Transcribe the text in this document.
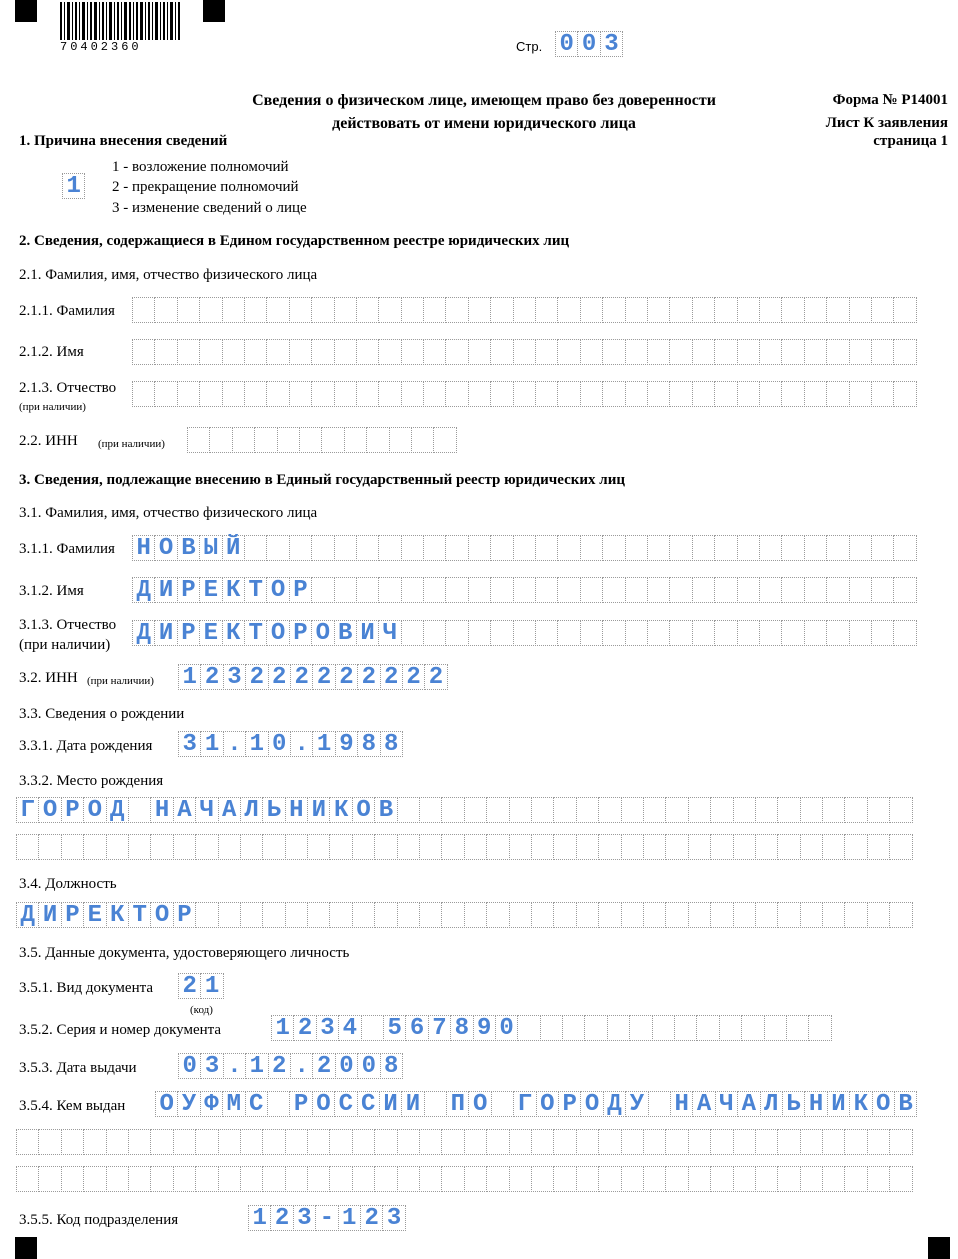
70402360	Стр. 0 0 3
Сведения о физическом лице, имеющем право без доверенности
действовать от имени юридического лица
Форма № Р14001
Лист К заявления
страница 1
1. Причина внесения сведений
1
1 - возложение полномочий
2 - прекращение полномочий
3 - изменение сведений о лице
2. Сведения, содержащиеся в Едином государственном реестре юридических лиц
2.1. Фамилия, имя, отчество физического лица
2.1.1. Фамилия
2.1.2. Имя
2.1.3. Отчество
(при наличии)
2.2. ИНН (при наличии)
3. Сведения, подлежащие внесению в Единый государственный реестр юридических лиц
3.1. Фамилия, имя, отчество физического лица
3.1.1. Фамилия Н О В Ы Й
3.1.2. Имя Д И Р Е К Т О Р
3.1.3. Отчество
(при наличии) Д И Р Е К Т О Р О В И Ч
3.2. ИНН (при наличии) 1 2 3 2 2 2 2 2 2 2 2 2
3.3. Сведения о рождении
3.3.1. Дата рождения 3 1 . 1 0 . 1 9 8 8
3.3.2. Место рождения
Г О Р О Д Н А Ч А Л Ь Н И К О В
3.4. Должность
Д И Р Е К Т О Р
3.5. Данные документа, удостоверяющего личность
3.5.1. Вид документа 2 1
(код)
3.5.2. Серия и номер документа 1 2 3 4 5 6 7 8 9 0
3.5.3. Дата выдачи 0 3 . 1 2 . 2 0 0 8
3.5.4. Кем выдан О У Ф М С Р О С С И И П О Г О Р О Д У Н А Ч А Л Ь Н И К О В
3.5.5. Код подразделения	1 2 3 - 1 2 3
